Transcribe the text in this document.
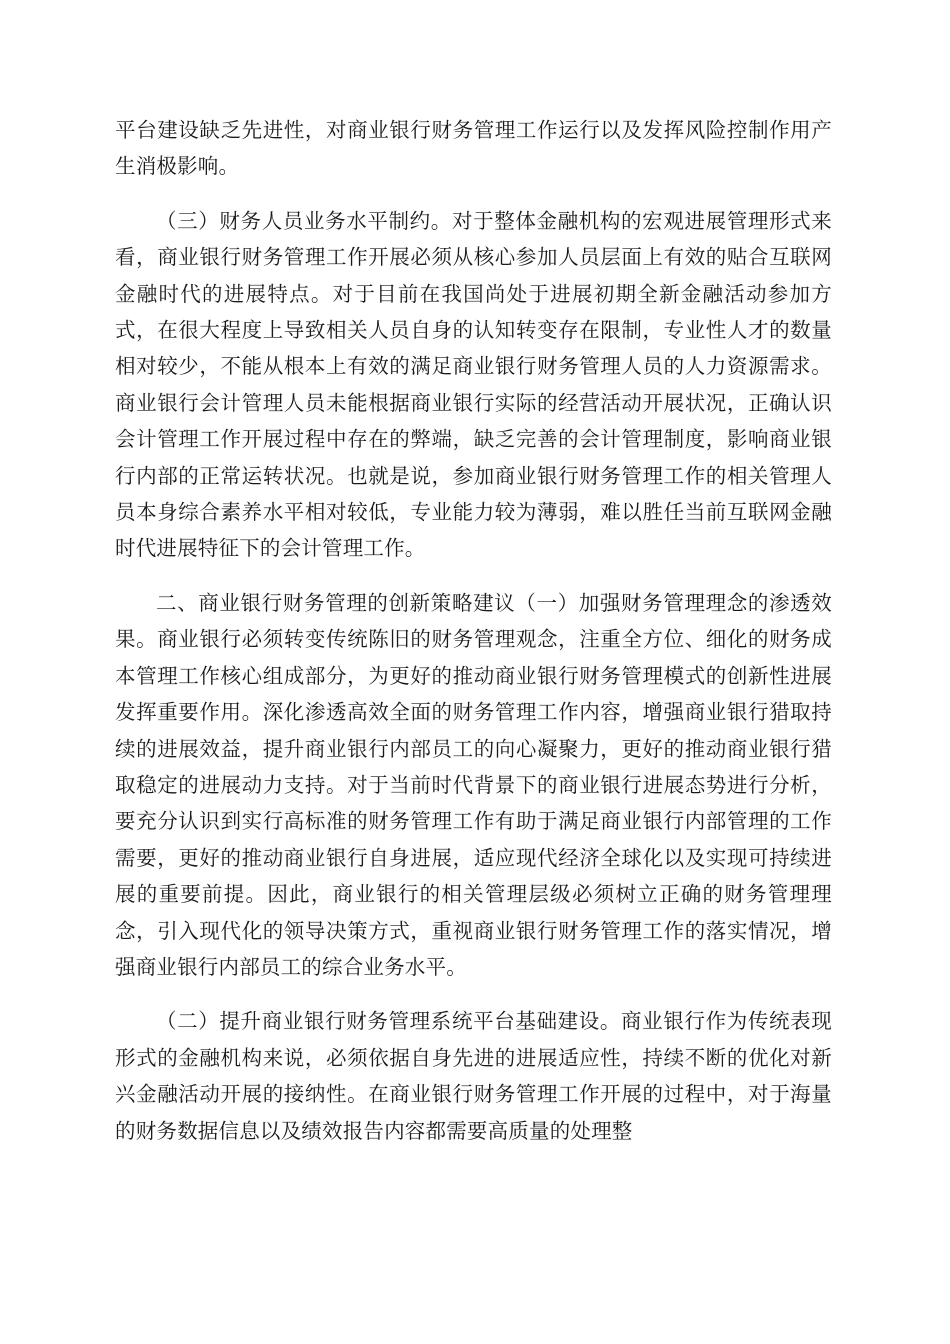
平台建设缺乏先进性，对商业银行财务管理工作运行以及发挥风险控制作用产生消极影响。

（三）财务人员业务水平制约。对于整体金融机构的宏观进展管理形式来看，商业银行财务管理工作开展必须从核心参加人员层面上有效的贴合互联网金融时代的进展特点。对于目前在我国尚处于进展初期全新金融活动参加方式，在很大程度上导致相关人员自身的认知转变存在限制，专业性人才的数量相对较少，不能从根本上有效的满足商业银行财务管理人员的人力资源需求。商业银行会计管理人员未能根据商业银行实际的经营活动开展状况，正确认识会计管理工作开展过程中存在的弊端，缺乏完善的会计管理制度，影响商业银行内部的正常运转状况。也就是说，参加商业银行财务管理工作的相关管理人员本身综合素养水平相对较低，专业能力较为薄弱，难以胜任当前互联网金融时代进展特征下的会计管理工作。

二、商业银行财务管理的创新策略建议（一）加强财务管理理念的渗透效果。商业银行必须转变传统陈旧的财务管理观念，注重全方位、细化的财务成本管理工作核心组成部分，为更好的推动商业银行财务管理模式的创新性进展发挥重要作用。深化渗透高效全面的财务管理工作内容，增强商业银行猎取持续的进展效益，提升商业银行内部员工的向心凝聚力，更好的推动商业银行猎取稳定的进展动力支持。对于当前时代背景下的商业银行进展态势进行分析，要充分认识到实行高标准的财务管理工作有助于满足商业银行内部管理的工作需要，更好的推动商业银行自身进展，适应现代经济全球化以及实现可持续进展的重要前提。因此，商业银行的相关管理层级必须树立正确的财务管理理念，引入现代化的领导决策方式，重视商业银行财务管理工作的落实情况，增强商业银行内部员工的综合业务水平。

（二）提升商业银行财务管理系统平台基础建设。商业银行作为传统表现形式的金融机构来说，必须依据自身先进的进展适应性，持续不断的优化对新兴金融活动开展的接纳性。在商业银行财务管理工作开展的过程中，对于海量的财务数据信息以及绩效报告内容都需要高质量的处理整
